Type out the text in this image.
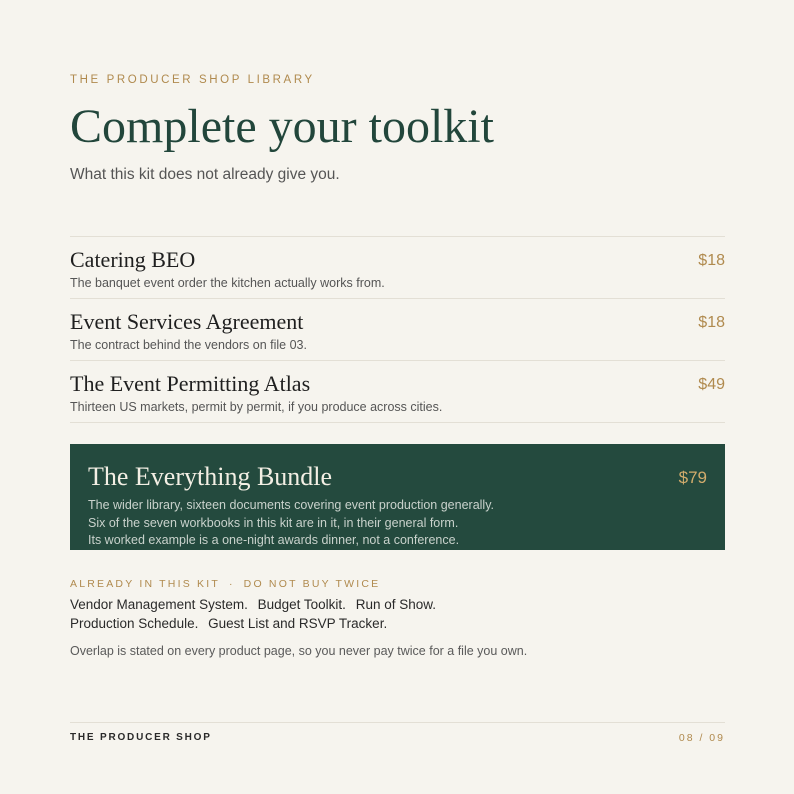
THE PRODUCER SHOP LIBRARY
Complete your toolkit
What this kit does not already give you.
Catering BEO
The banquet event order the kitchen actually works from.
$18
Event Services Agreement
The contract behind the vendors on file 03.
$18
The Event Permitting Atlas
Thirteen US markets, permit by permit, if you produce across cities.
$49
The Everything Bundle	$79
The wider library, sixteen documents covering event production generally.
Six of the seven workbooks in this kit are in it, in their general form.
Its worked example is a one-night awards dinner, not a conference.
ALREADY IN THIS KIT · DO NOT BUY TWICE
Vendor Management System. Budget Toolkit. Run of Show.
Production Schedule. Guest List and RSVP Tracker.
Overlap is stated on every product page, so you never pay twice for a file you own.
THE PRODUCER SHOP	08 / 09
